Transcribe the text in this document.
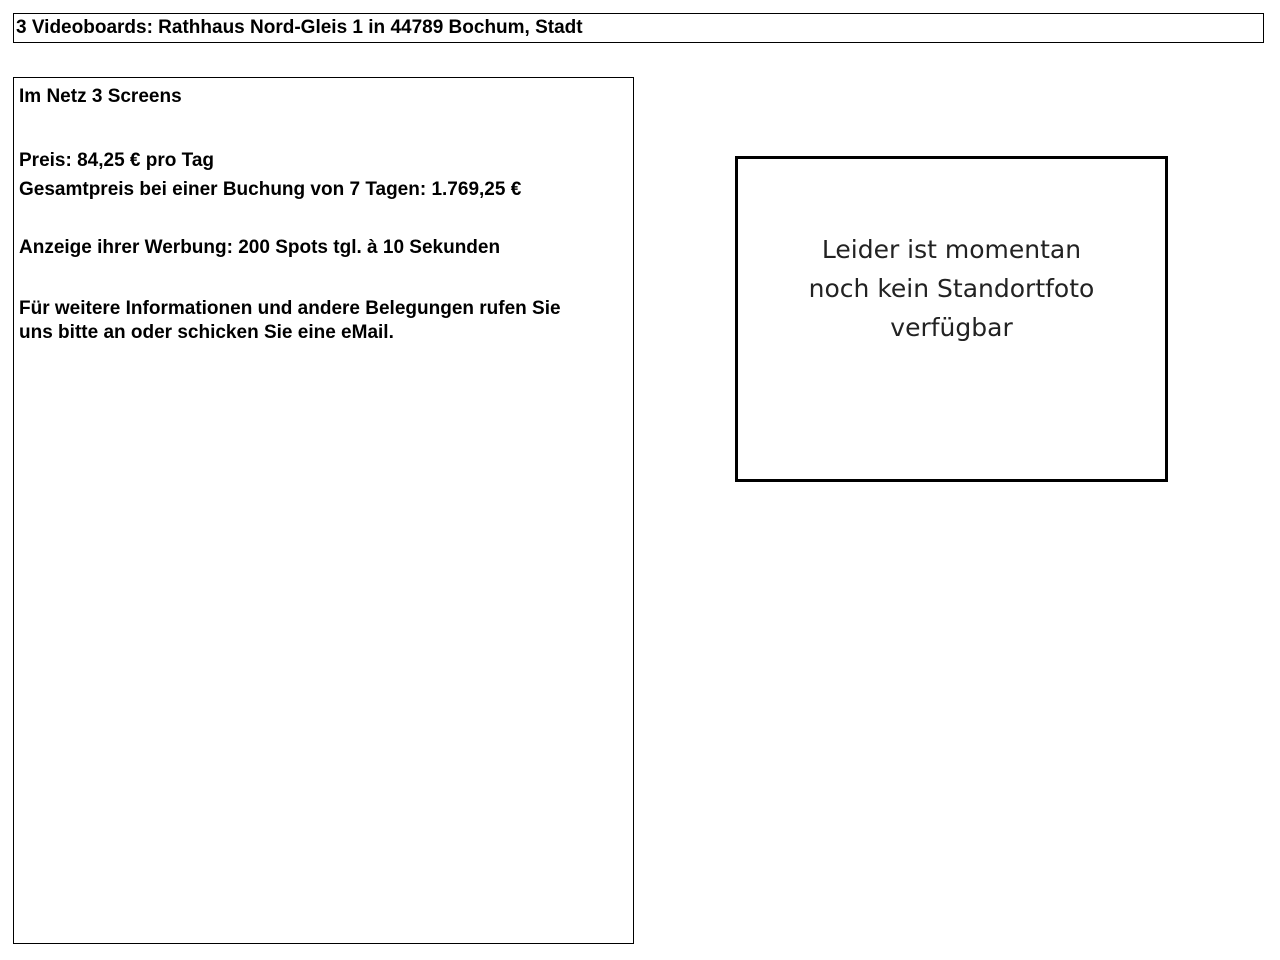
3 Videoboards: Rathhaus Nord-Gleis 1 in 44789 Bochum, Stadt
Im Netz 3 Screens
Preis: 84,25 € pro Tag
Gesamtpreis bei einer Buchung von 7 Tagen: 1.769,25 €
Anzeige ihrer Werbung: 200 Spots tgl. à 10 Sekunden
Für weitere Informationen und andere Belegungen rufen Sie uns bitte an oder schicken Sie eine eMail.
Leider ist momentan
noch kein Standortfoto
verfügbar
